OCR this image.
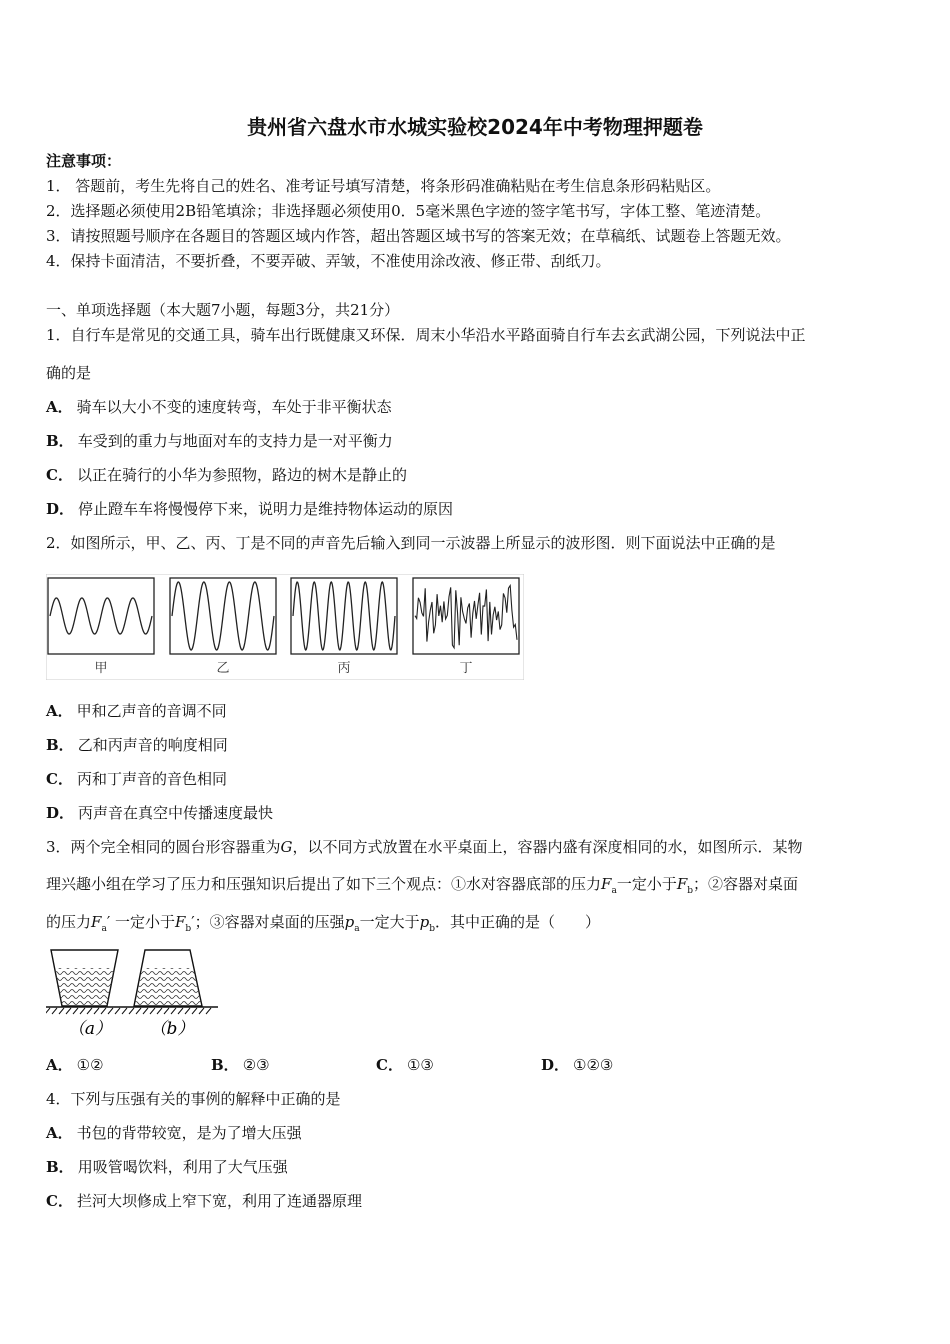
贵州省六盘水市水城实验校2024年中考物理押题卷
注意事项：
1． 答题前，考生先将自己的姓名、准考证号填写清楚，将条形码准确粘贴在考生信息条形码粘贴区。
2．选择题必须使用2B铅笔填涂；非选择题必须使用0．5毫米黑色字迹的签字笔书写，字体工整、笔迹清楚。
3．请按照题号顺序在各题目的答题区域内作答，超出答题区域书写的答案无效；在草稿纸、试题卷上答题无效。
4．保持卡面清洁，不要折叠，不要弄破、弄皱，不准使用涂改液、修正带、刮纸刀。
一、单项选择题（本大题7小题，每题3分，共21分）
1．自行车是常见的交通工具，骑车出行既健康又环保．周末小华沿水平路面骑自行车去玄武湖公园，下列说法中正
确的是
A． 骑车以大小不变的速度转弯，车处于非平衡状态
B． 车受到的重力与地面对车的支持力是一对平衡力
C． 以正在骑行的小华为参照物，路边的树木是静止的
D． 停止蹬车车将慢慢停下来，说明力是维持物体运动的原因
2．如图所示，甲、乙、丙、丁是不同的声音先后输入到同一示波器上所显示的波形图．则下面说法中正确的是
甲	乙	丙	丁
A． 甲和乙声音的音调不同
B． 乙和丙声音的响度相同
C． 丙和丁声音的音色相同
D． 丙声音在真空中传播速度最快
3．两个完全相同的圆台形容器重为G，以不同方式放置在水平桌面上，容器内盛有深度相同的水，如图所示．某物
理兴趣小组在学习了压力和压强知识后提出了如下三个观点：①水对容器底部的压力$F_a$一定小于$F_b$；②容器对桌面
的压力$F_a'$ 一定小于$F_b'$；③容器对桌面的压强$p_a$一定大于$p_b$．其中正确的是（　　）
（a） （b）
A． ①②	B． ②③	C． ①③	D． ①②③
4．下列与压强有关的事例的解释中正确的是
A． 书包的背带较宽，是为了增大压强
B． 用吸管喝饮料，利用了大气压强
C． 拦河大坝修成上窄下宽，利用了连通器原理
